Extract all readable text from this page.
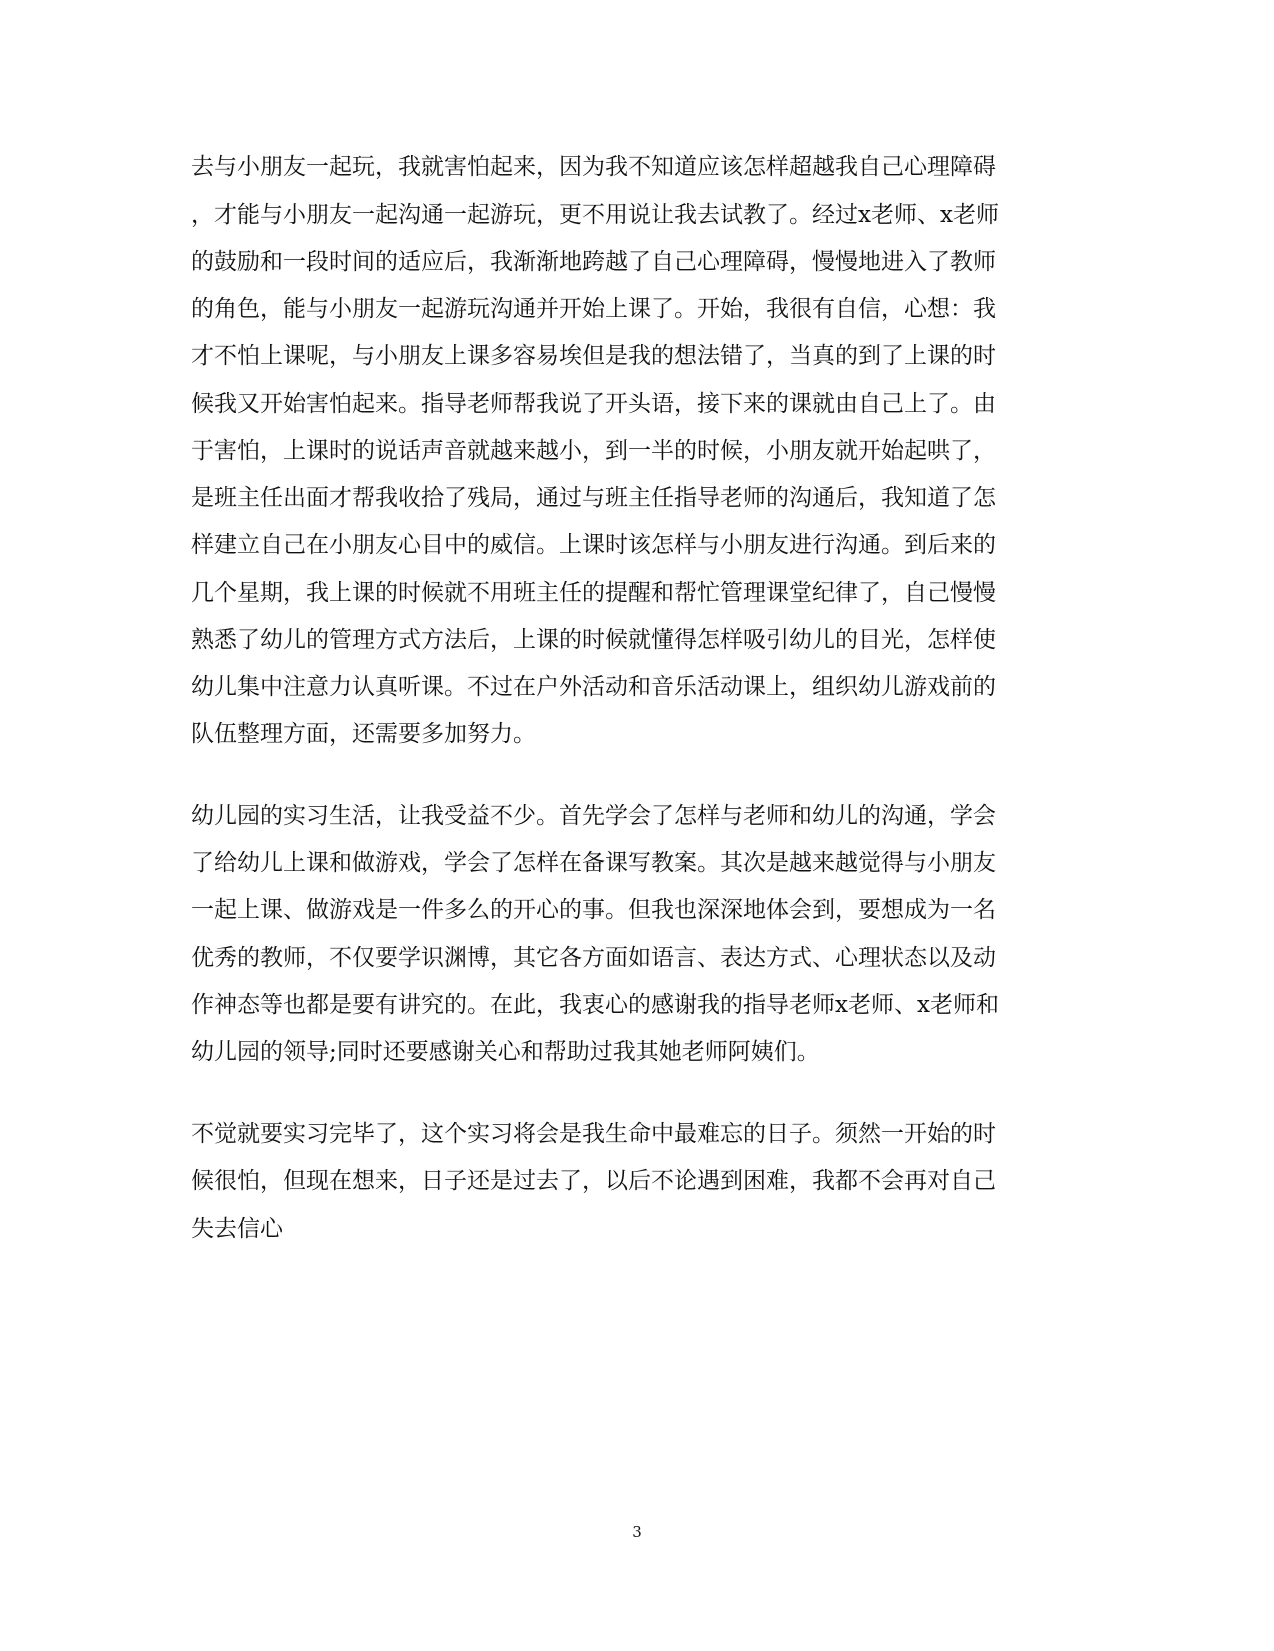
去与小朋友一起玩，我就害怕起来，因为我不知道应该怎样超越我自己心理障碍
，才能与小朋友一起沟通一起游玩，更不用说让我去试教了。经过x老师、x老师
的鼓励和一段时间的适应后，我渐渐地跨越了自己心理障碍，慢慢地进入了教师
的角色，能与小朋友一起游玩沟通并开始上课了。开始，我很有自信，心想：我
才不怕上课呢，与小朋友上课多容易埃但是我的想法错了，当真的到了上课的时
候我又开始害怕起来。指导老师帮我说了开头语，接下来的课就由自己上了。由
于害怕，上课时的说话声音就越来越小，到一半的时候，小朋友就开始起哄了，
是班主任出面才帮我收拾了残局，通过与班主任指导老师的沟通后，我知道了怎
样建立自己在小朋友心目中的威信。上课时该怎样与小朋友进行沟通。到后来的
几个星期，我上课的时候就不用班主任的提醒和帮忙管理课堂纪律了，自己慢慢
熟悉了幼儿的管理方式方法后，上课的时候就懂得怎样吸引幼儿的目光，怎样使
幼儿集中注意力认真听课。不过在户外活动和音乐活动课上，组织幼儿游戏前的
队伍整理方面，还需要多加努力。
幼儿园的实习生活，让我受益不少。首先学会了怎样与老师和幼儿的沟通，学会
了给幼儿上课和做游戏，学会了怎样在备课写教案。其次是越来越觉得与小朋友
一起上课、做游戏是一件多么的开心的事。但我也深深地体会到，要想成为一名
优秀的教师，不仅要学识渊博，其它各方面如语言、表达方式、心理状态以及动
作神态等也都是要有讲究的。在此，我衷心的感谢我的指导老师x老师、x老师和
幼儿园的领导;同时还要感谢关心和帮助过我其她老师阿姨们。
不觉就要实习完毕了，这个实习将会是我生命中最难忘的日子。须然一开始的时
候很怕，但现在想来，日子还是过去了，以后不论遇到困难，我都不会再对自己
失去信心
3
